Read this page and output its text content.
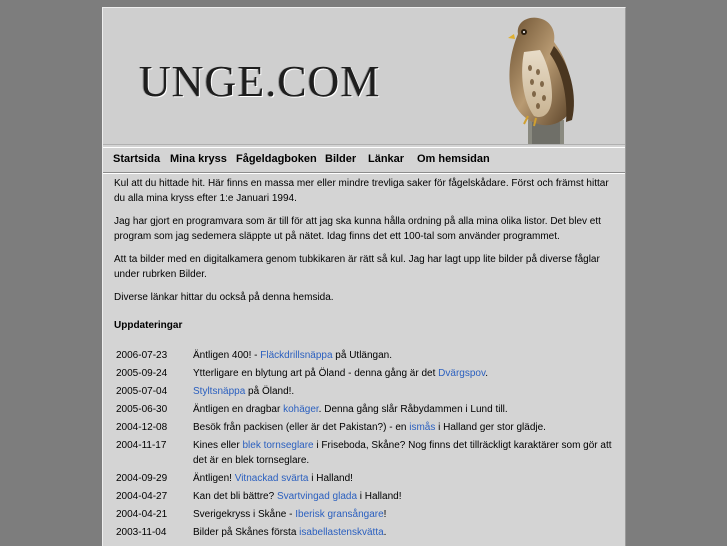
UNGE.COM
Startsida Mina kryss Fågeldagboken Bilder Länkar Om hemsidan

Kul att du hittade hit. Här finns en massa mer eller mindre trevliga saker för fågelskådare. Först och främst hittar du alla mina kryss efter 1:e Januari 1994.

Jag har gjort en programvara som är till för att jag ska kunna hålla ordning på alla mina olika listor. Det blev ett program som jag sedemera släppte ut på nätet. Idag finns det ett 100-tal som använder programmet.

Att ta bilder med en digitalkamera genom tubkikaren är rätt så kul. Jag har lagt upp lite bilder på diverse fåglar under rubrken Bilder.

Diverse länkar hittar du också på denna hemsida.

Uppdateringar
2006-07-23	Äntligen 400! - Fläckdrillsnäppa på Utlängan.
2005-09-24	Ytterligare en blytung art på Öland - denna gång är det Dvärgspov.
2005-07-04	Styltsnäppa på Öland!.
2005-06-30	Äntligen en dragbar kohäger. Denna gång slår Råbydammen i Lund till.
2004-12-08	Besök från packisen (eller är det Pakistan?) - en ismås i Halland ger stor glädje.
2004-11-17	Kines eller blek tornseglare i Friseboda, Skåne? Nog finns det tillräckligt karaktärer som gör att det är en blek tornseglare.
2004-09-29	Äntligen! Vitnackad svärta i Halland!
2004-04-27	Kan det bli bättre? Svartvingad glada i Halland!
2004-04-21	Sverigekryss i Skåne - Iberisk gransångare!
2003-11-04	Bilder på Skånes första isabellastenskvätta.
